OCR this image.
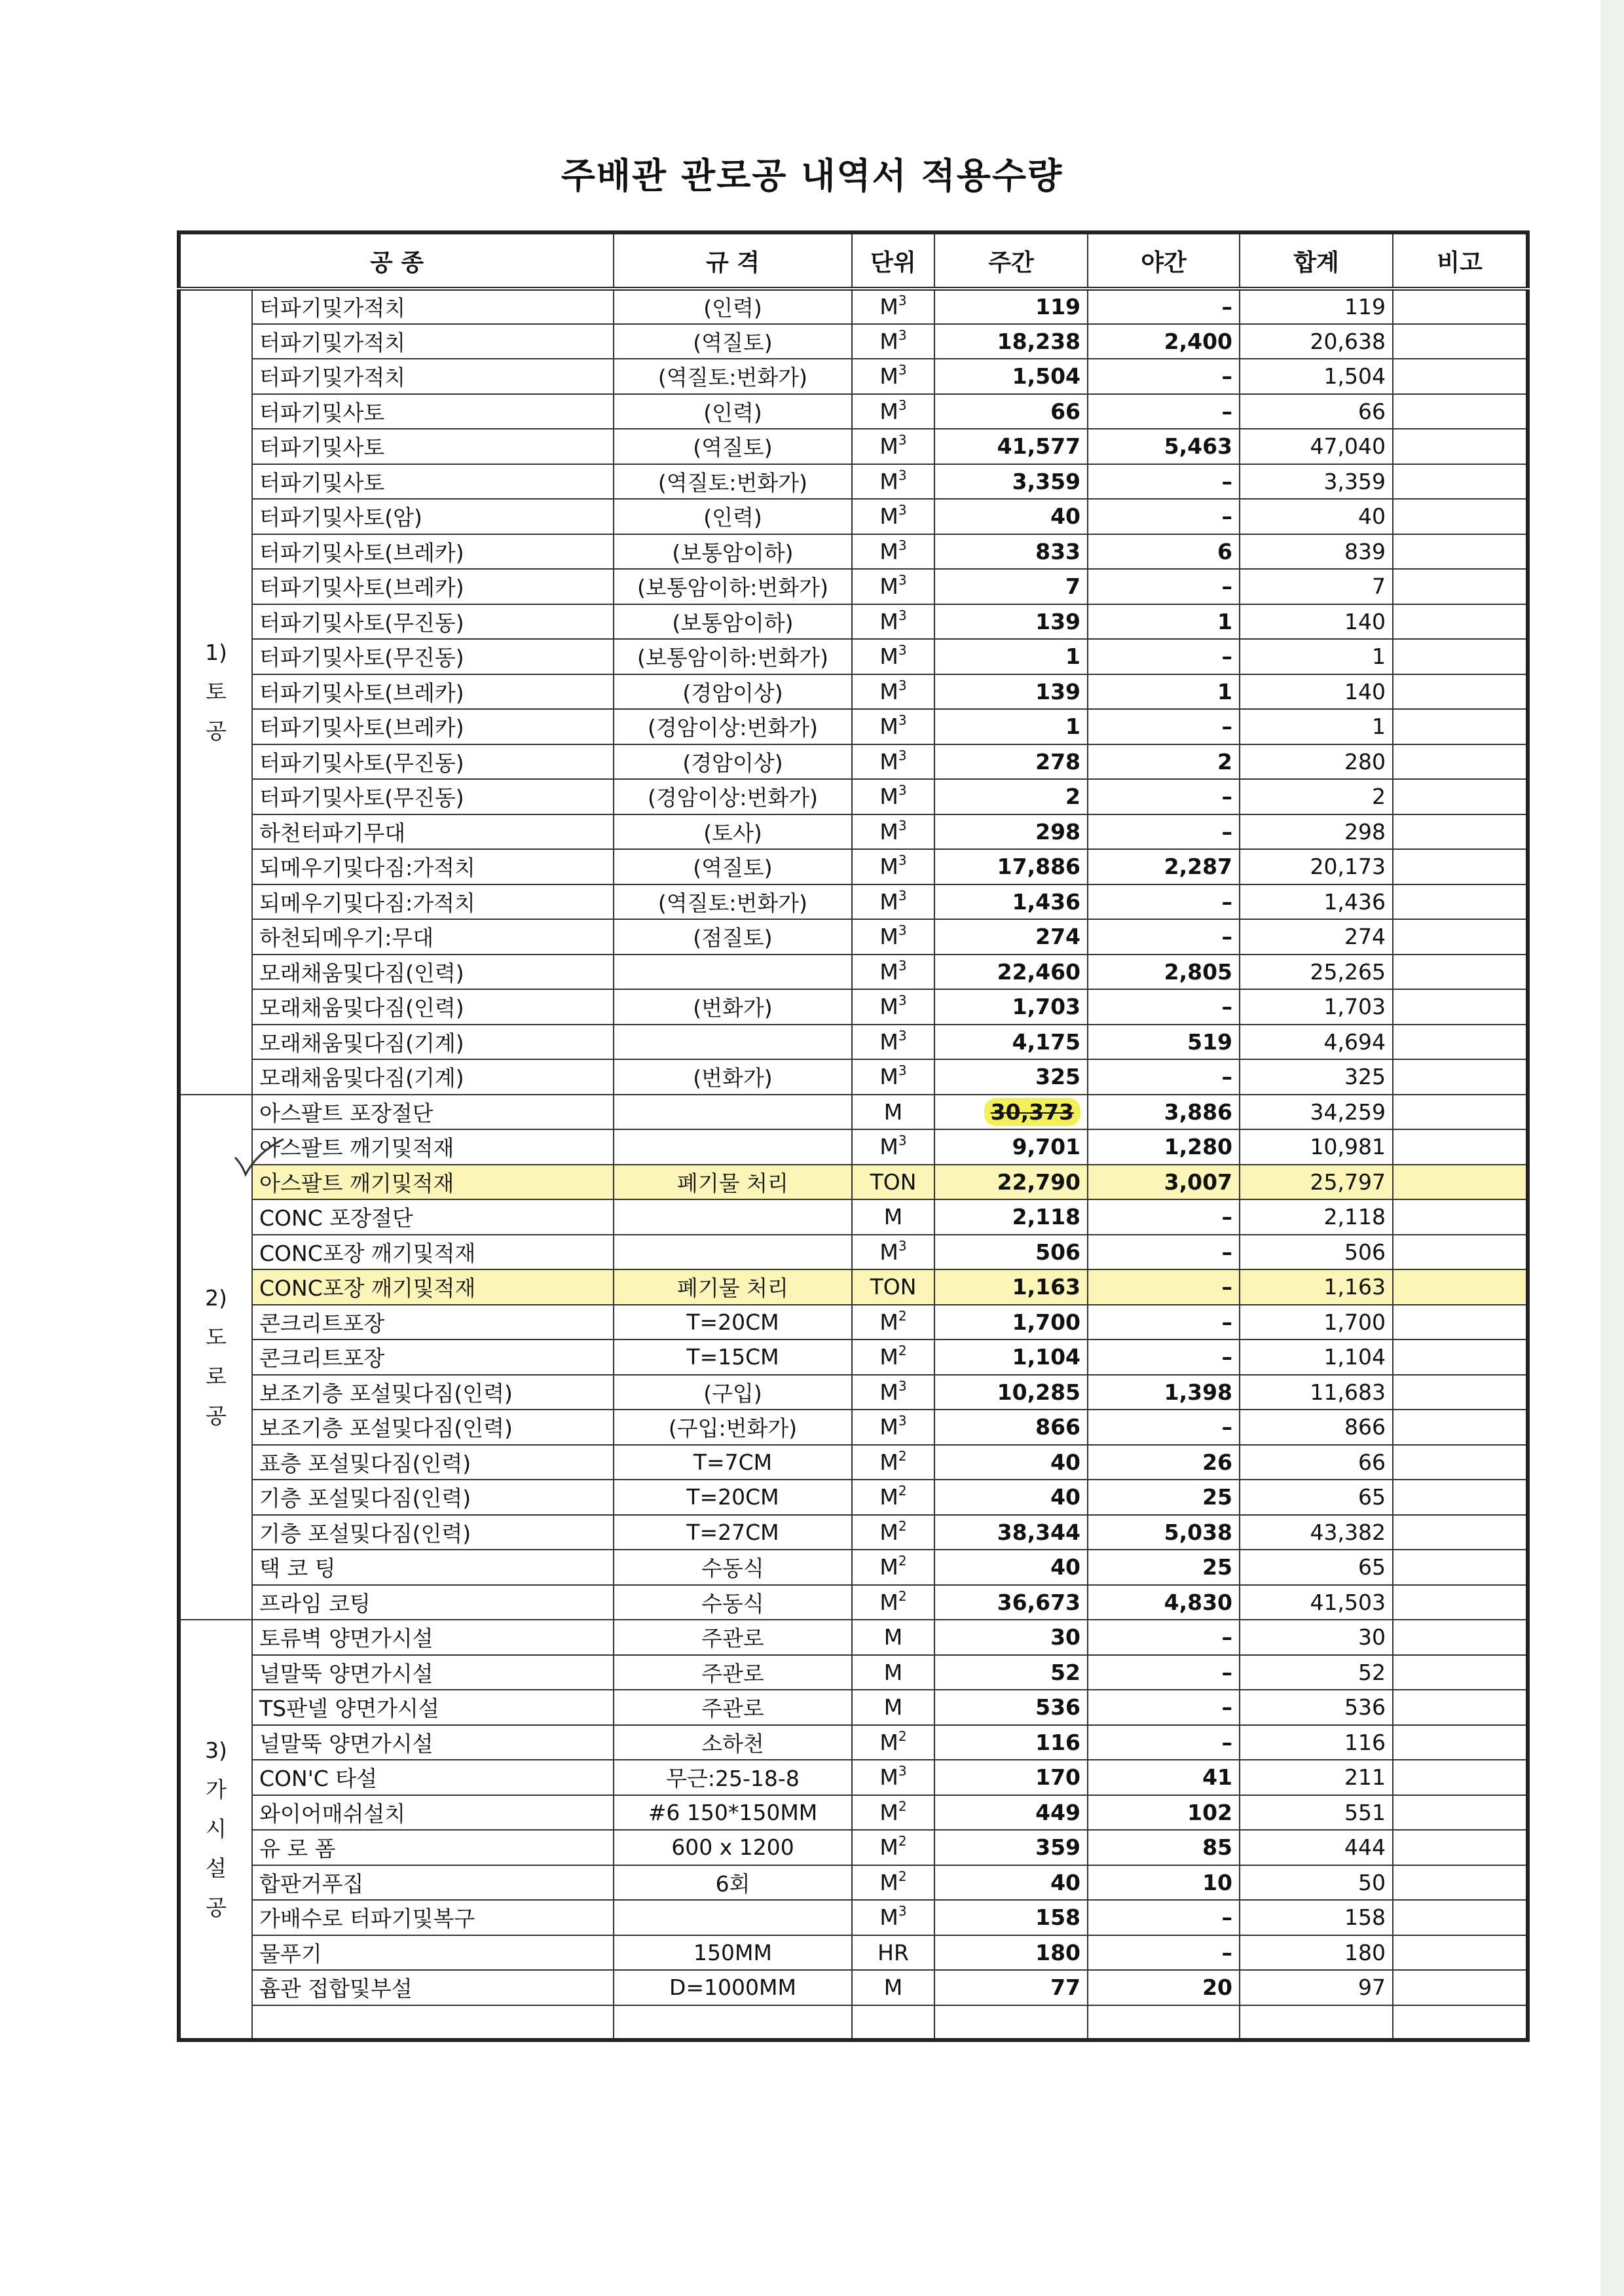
주배관 관로공 내역서 적용수량
공 종		규 격	단위	주간	야간	합계	비고
1)
토
공	터파기및가적치	(인력)	$M^3$	119	–	119	
	터파기및가적치	(역질토)	$M^3$	18,238	2,400	20,638	
	터파기및가적치	(역질토:번화가)	$M^3$	1,504	–	1,504	
	터파기및사토	(인력)	$M^3$	66	–	66	
	터파기및사토	(역질토)	$M^3$	41,577	5,463	47,040	
	터파기및사토	(역질토:번화가)	$M^3$	3,359	–	3,359	
	터파기및사토(암)	(인력)	$M^3$	40	–	40	
	터파기및사토(브레카)	(보통암이하)	$M^3$	833	6	839	
	터파기및사토(브레카)	(보통암이하:번화가)	$M^3$	7	–	7	
	터파기및사토(무진동)	(보통암이하)	$M^3$	139	1	140	
	터파기및사토(무진동)	(보통암이하:번화가)	$M^3$	1	–	1	
	터파기및사토(브레카)	(경암이상)	$M^3$	139	1	140	
	터파기및사토(브레카)	(경암이상:번화가)	$M^3$	1	–	1	
	터파기및사토(무진동)	(경암이상)	$M^3$	278	2	280	
	터파기및사토(무진동)	(경암이상:번화가)	$M^3$	2	–	2	
	하천터파기무대	(토사)	$M^3$	298	–	298	
	되메우기및다짐:가적치	(역질토)	$M^3$	17,886	2,287	20,173	
	되메우기및다짐:가적치	(역질토:번화가)	$M^3$	1,436	–	1,436	
	하천되메우기:무대	(점질토)	$M^3$	274	–	274	
	모래채움및다짐(인력)		$M^3$	22,460	2,805	25,265	
	모래채움및다짐(인력)	(번화가)	$M^3$	1,703	–	1,703	
	모래채움및다짐(기계)		$M^3$	4,175	519	4,694	
	모래채움및다짐(기계)	(번화가)	$M^3$	325	–	325	
2)
도
로
공	아스팔트 포장절단		M	30,373	3,886	34,259	
	아스팔트 깨기및적재		$M^3$	9,701	1,280	10,981	
	아스팔트 깨기및적재	폐기물 처리	TON	22,790	3,007	25,797	
	CONC 포장절단		M	2,118	–	2,118	
	CONC포장 깨기및적재		$M^3$	506	–	506	
	CONC포장 깨기및적재	폐기물 처리	TON	1,163	–	1,163	
	콘크리트포장	T=20CM	$M^2$	1,700	–	1,700	
	콘크리트포장	T=15CM	$M^2$	1,104	–	1,104	
	보조기층 포설및다짐(인력)	(구입)	$M^3$	10,285	1,398	11,683	
	보조기층 포설및다짐(인력)	(구입:번화가)	$M^3$	866	–	866	
	표층 포설및다짐(인력)	T=7CM	$M^2$	40	26	66	
	기층 포설및다짐(인력)	T=20CM	$M^2$	40	25	65	
	기층 포설및다짐(인력)	T=27CM	$M^2$	38,344	5,038	43,382	
	택 코 팅	수동식	$M^2$	40	25	65	
	프라임 코팅	수동식	$M^2$	36,673	4,830	41,503	
3)
가
시
설
공	토류벽 양면가시설	주관로	M	30	–	30	
	널말뚝 양면가시설	주관로	M	52	–	52	
	TS판넬 양면가시설	주관로	M	536	–	536	
	널말뚝 양면가시설	소하천	$M^2$	116	–	116	
	CON'C 타설	무근:25-18-8	$M^3$	170	41	211	
	와이어매쉬설치	#6 150*150MM	$M^2$	449	102	551	
	유 로 폼	600 x 1200	$M^2$	359	85	444	
	합판거푸집	6회	$M^2$	40	10	50	
	가배수로 터파기및복구		$M^3$	158	–	158	
	물푸기	150MM	HR	180	–	180	
	흄관 접합및부설	D=1000MM	M	77	20	97	
